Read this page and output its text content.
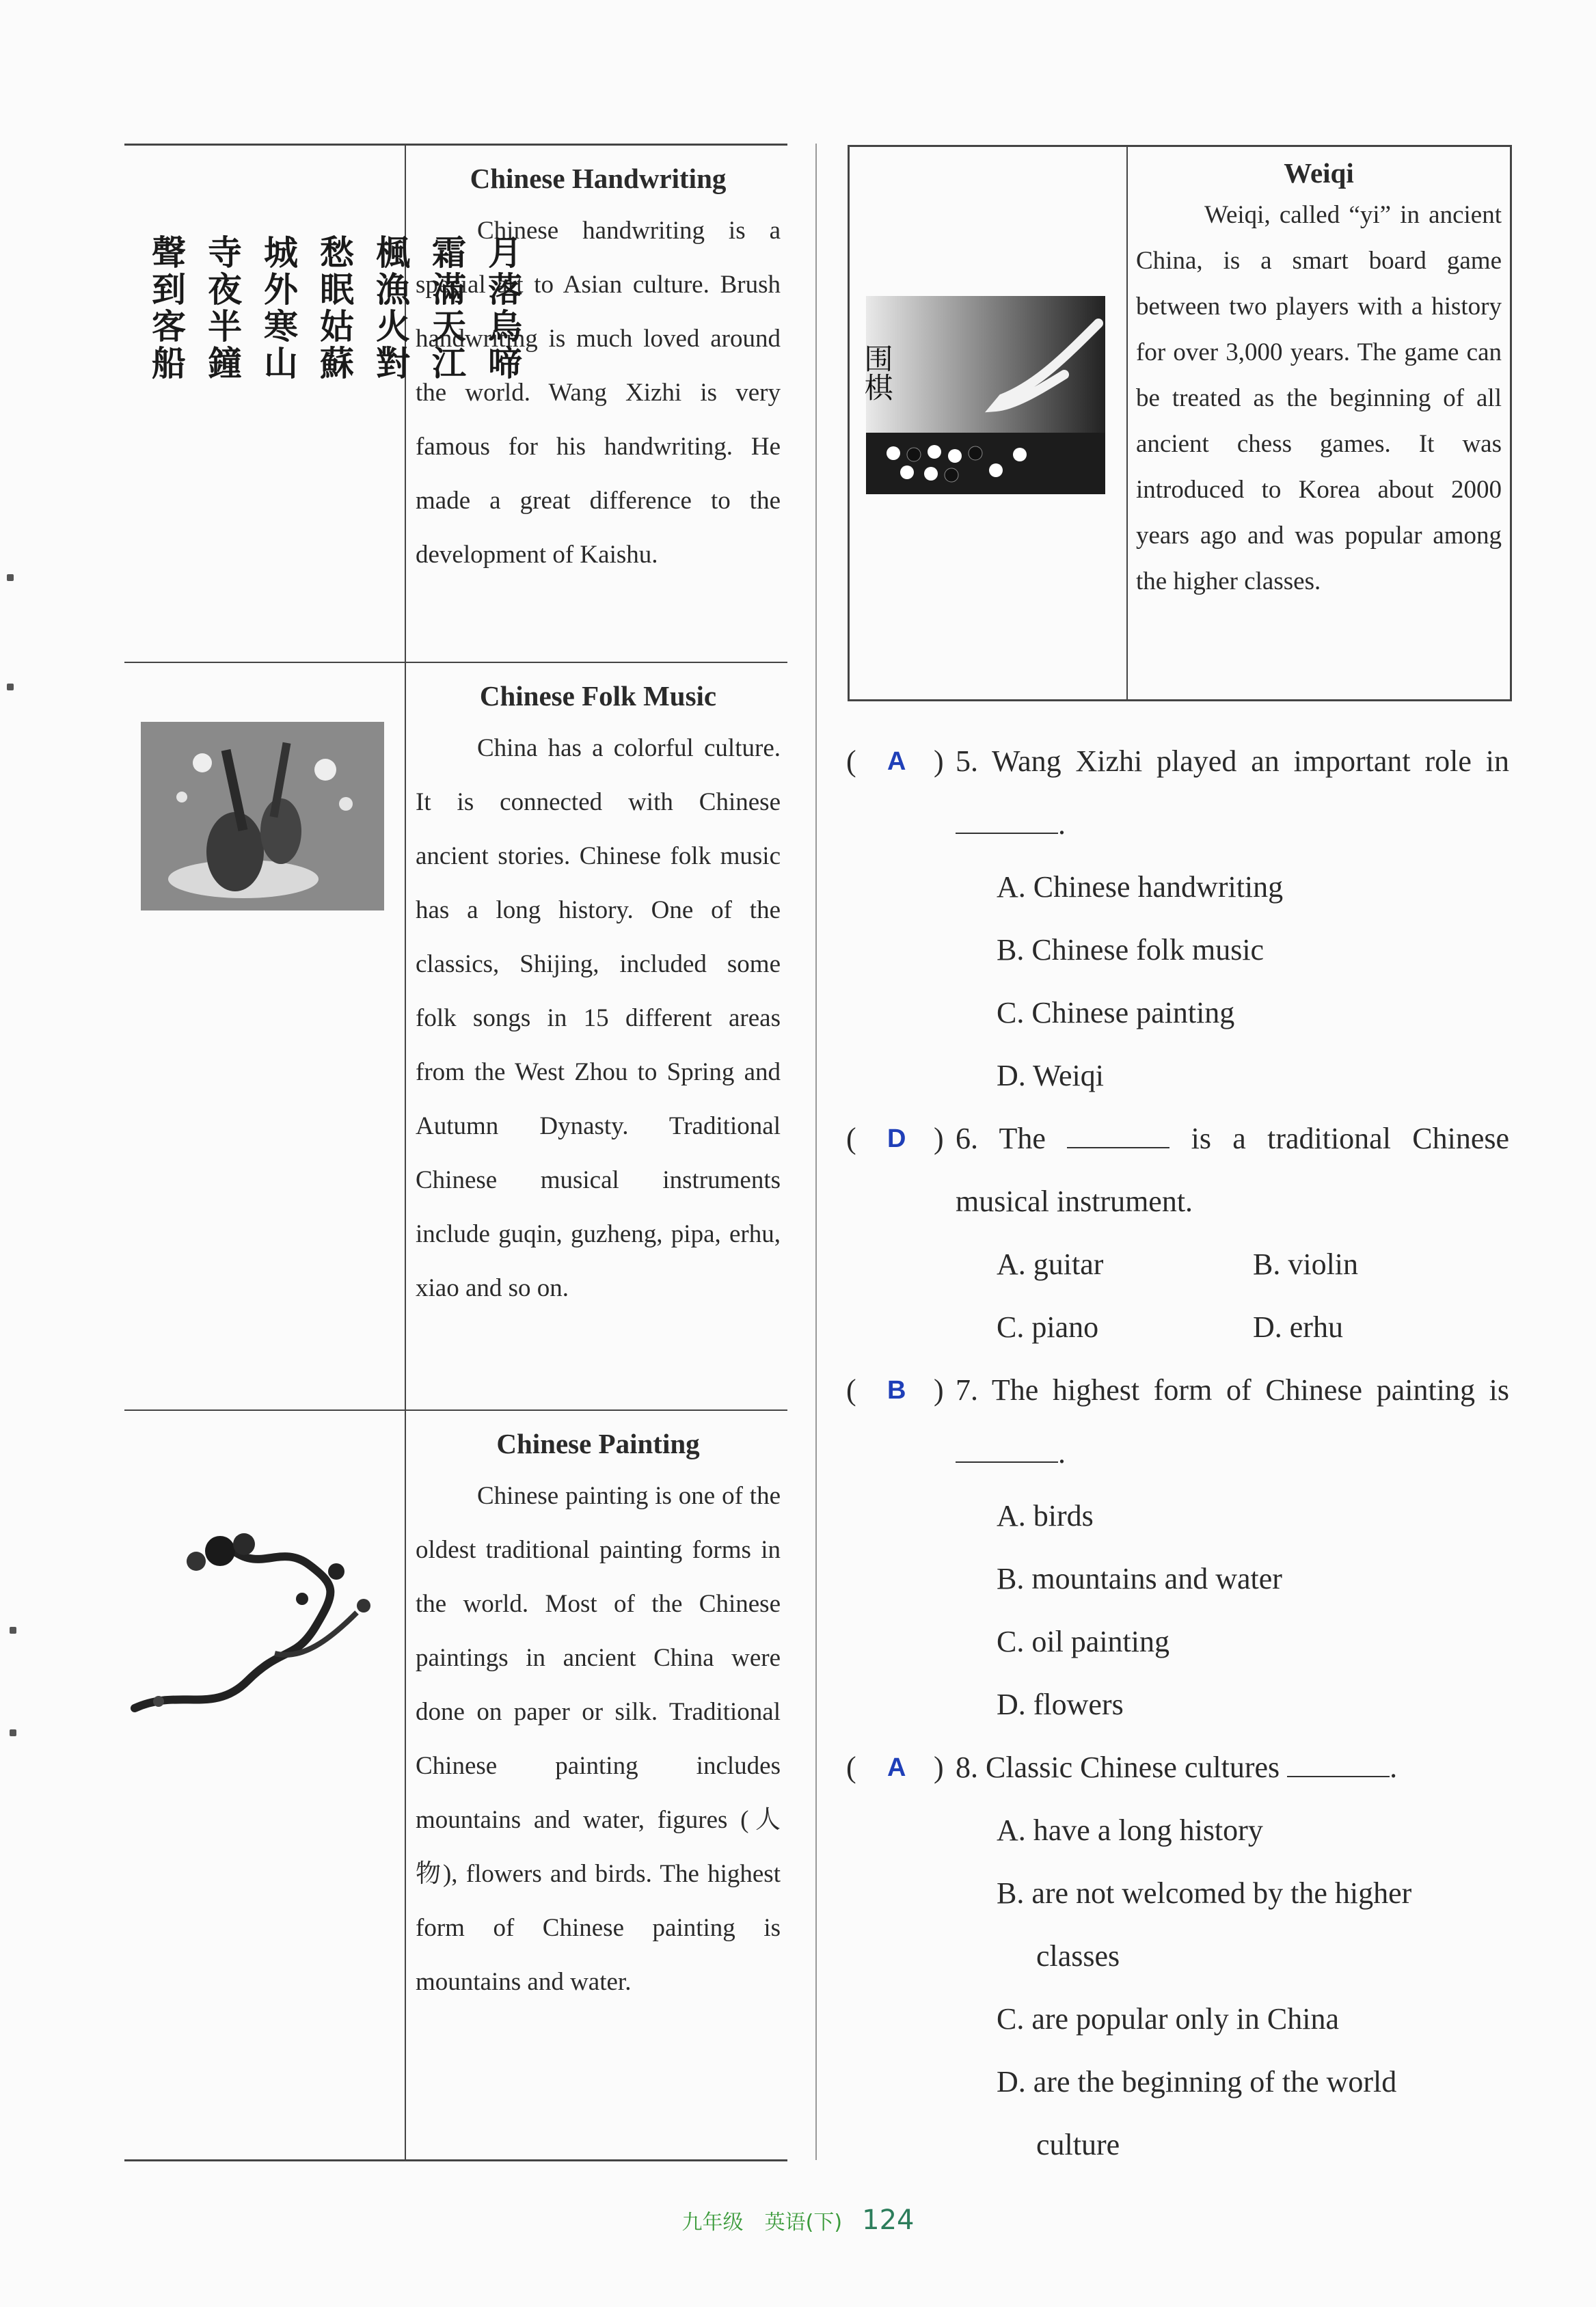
聲到客船 寺夜半鐘 城外寒山 愁眠姑蘇 楓漁火對 霜滿天江 月落烏啼
Chinese Handwriting

Chinese handwriting is a special art to Asian culture. Brush handwriting is much loved around the world. Wang Xizhi is very famous for his handwriting. He made a great difference to the development of Kaishu.

Chinese Folk Music

China has a colorful culture. It is connected with Chinese ancient stories. Chinese folk music has a long history. One of the classics, Shijing, included some folk songs in 15 different areas from the West Zhou to Spring and Autumn Dynasty. Traditional Chinese musical instruments include guqin, guzheng, pipa, erhu, xiao and so on.

Chinese Painting

Chinese painting is one of the oldest traditional painting forms in the world. Most of the Chinese paintings in ancient China were done on paper or silk. Traditional Chinese painting includes mountains and water, figures (人物), flowers and birds. The highest form of Chinese painting is mountains and water.

围棋
Weiqi

Weiqi, called “yi” in ancient China, is a smart board game between two players with a history for over 3,000 years. The game can be treated as the beginning of all ancient chess games. It was introduced to Korea about 2000 years ago and was popular among the higher classes.

( A ) 5. Wang Xizhi played an important role in .
A. Chinese handwriting
B. Chinese folk music
C. Chinese painting
D. Weiqi
( D ) 6. The	is a traditional Chinese musical instrument.
A. guitar	B. violin
C. piano	D. erhu
( B ) 7. The highest form of Chinese painting is .
A. birds
B. mountains and water
C. oil painting
D. flowers
( A ) 8. Classic Chinese cultures	.
A. have a long history
B. are not welcomed by the higher
classes
C. are popular only in China
D. are the beginning of the world
culture
九年级 英语(下) 124
